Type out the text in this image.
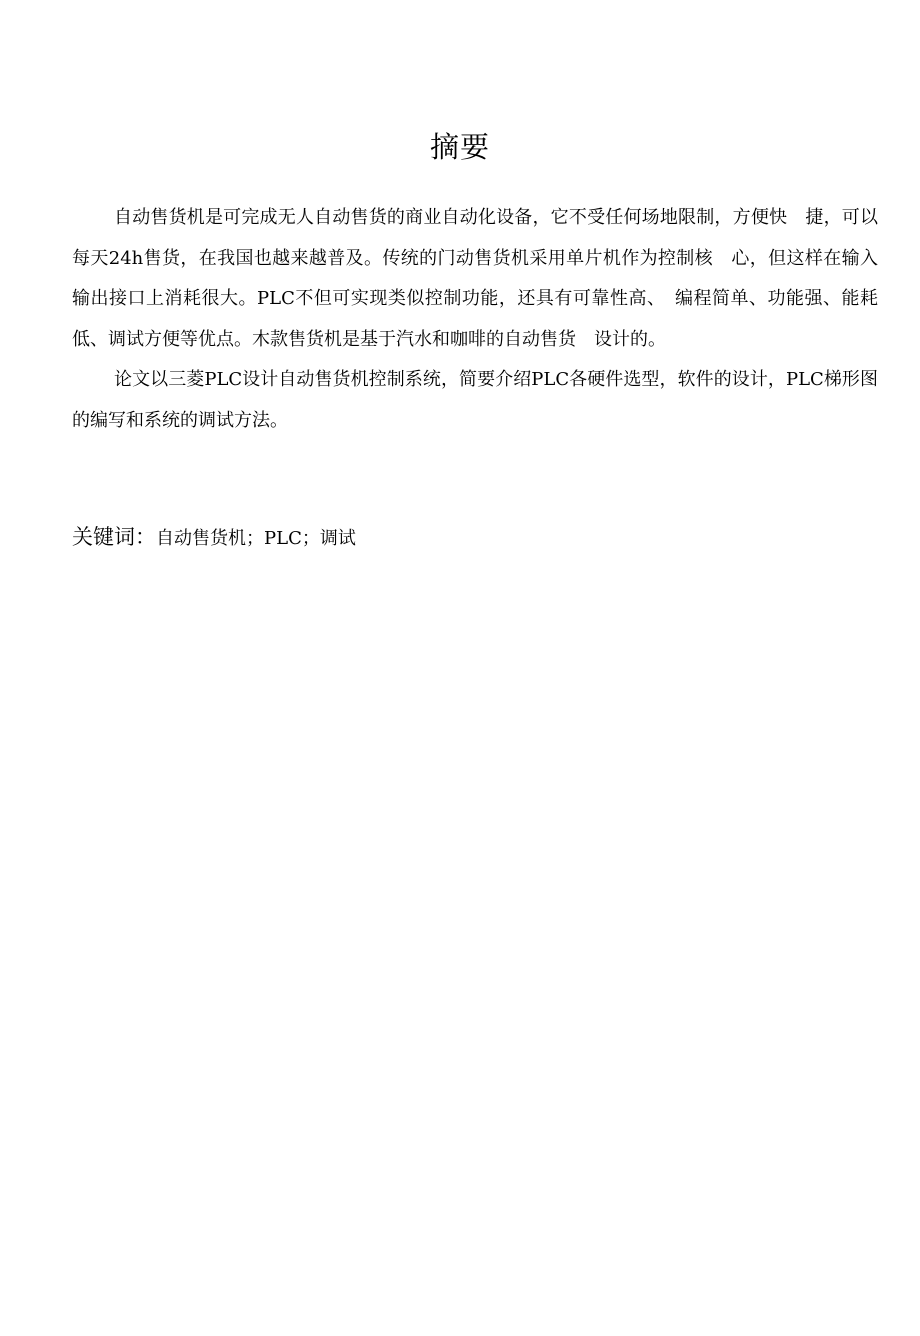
摘要

自动售货机是可完成无人自动售货的商业自动化设备，它不受任何场地限制，方便快　捷，可以每天24h售货，在我国也越来越普及。传统的门动售货机采用单片机作为控制核　心，但这样在输入输出接口上消耗很大。PLC不但可实现类似控制功能，还具有可靠性高、　编程简单、功能强、能耗低、调试方便等优点。木款售货机是基于汽水和咖啡的自动售货　设计的。

论文以三菱PLC设计自动售货机控制系统，简要介绍PLC各硬件选型，软件的设计，PLC梯形图的编写和系统的调试方法。

关键词：自动售货机；PLC；调试
